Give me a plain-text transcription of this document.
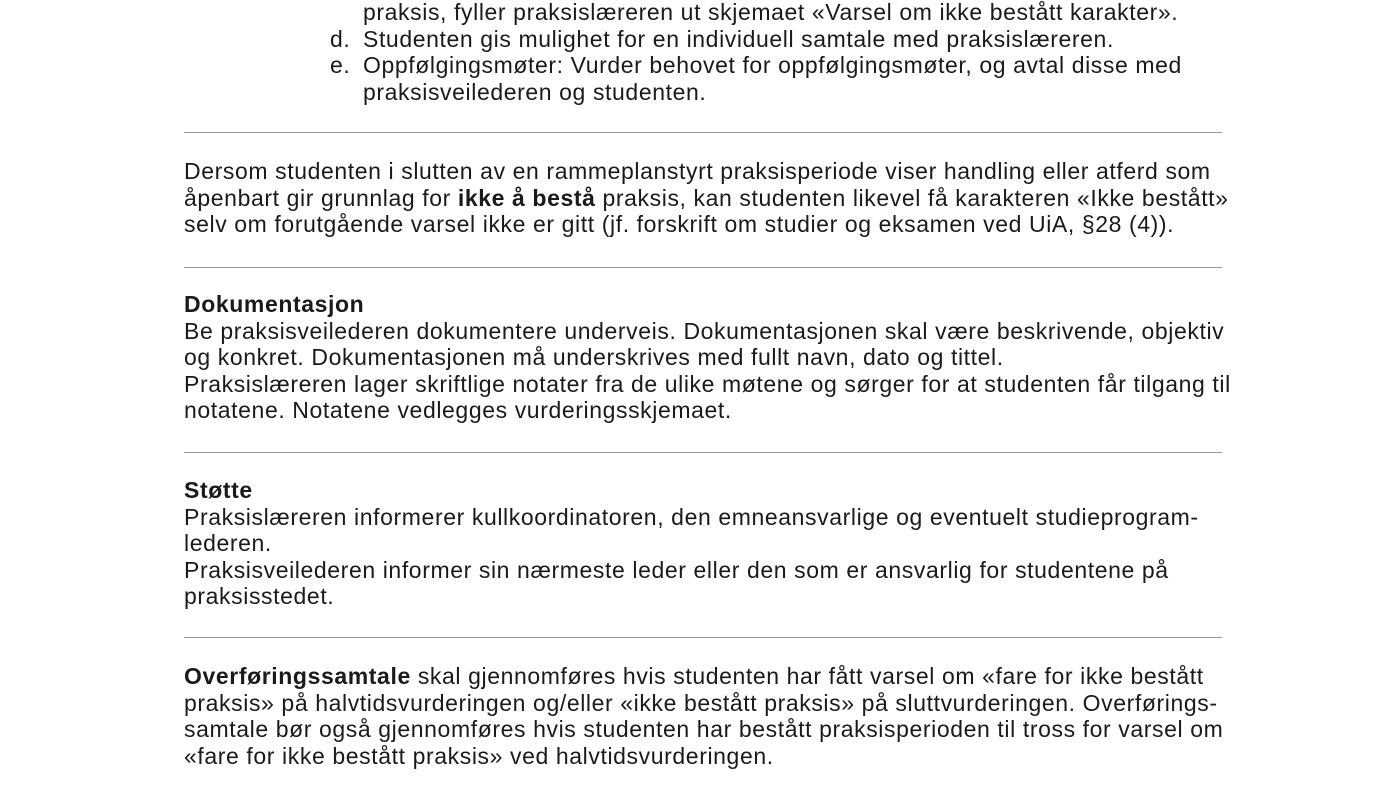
praksis, fyller praksislæreren ut skjemaet «Varsel om ikke bestått karakter».

d. Studenten gis mulighet for en individuell samtale med praksislæreren.

e. Oppfølgingsmøter: Vurder behovet for oppfølgingsmøter, og avtal disse med

praksisveilederen og studenten.

Dersom studenten i slutten av en rammeplanstyrt praksisperiode viser handling eller atferd som

åpenbart gir grunnlag for ikke å bestå praksis, kan studenten likevel få karakteren «Ikke bestått»

selv om forutgående varsel ikke er gitt (jf. forskrift om studier og eksamen ved UiA, §28 (4)).

Dokumentasjon

Be praksisveilederen dokumentere underveis. Dokumentasjonen skal være beskrivende, objektiv

og konkret. Dokumentasjonen må underskrives med fullt navn, dato og tittel.

Praksislæreren lager skriftlige notater fra de ulike møtene og sørger for at studenten får tilgang til

notatene. Notatene vedlegges vurderingsskjemaet.

Støtte

Praksislæreren informerer kullkoordinatoren, den emneansvarlige og eventuelt studieprogram-

lederen.

Praksisveilederen informer sin nærmeste leder eller den som er ansvarlig for studentene på

praksisstedet.

Overføringssamtale skal gjennomføres hvis studenten har fått varsel om «fare for ikke bestått

praksis» på halvtidsvurderingen og/eller «ikke bestått praksis» på sluttvurderingen. Overførings-

samtale bør også gjennomføres hvis studenten har bestått praksisperioden til tross for varsel om

«fare for ikke bestått praksis» ved halvtidsvurderingen.
